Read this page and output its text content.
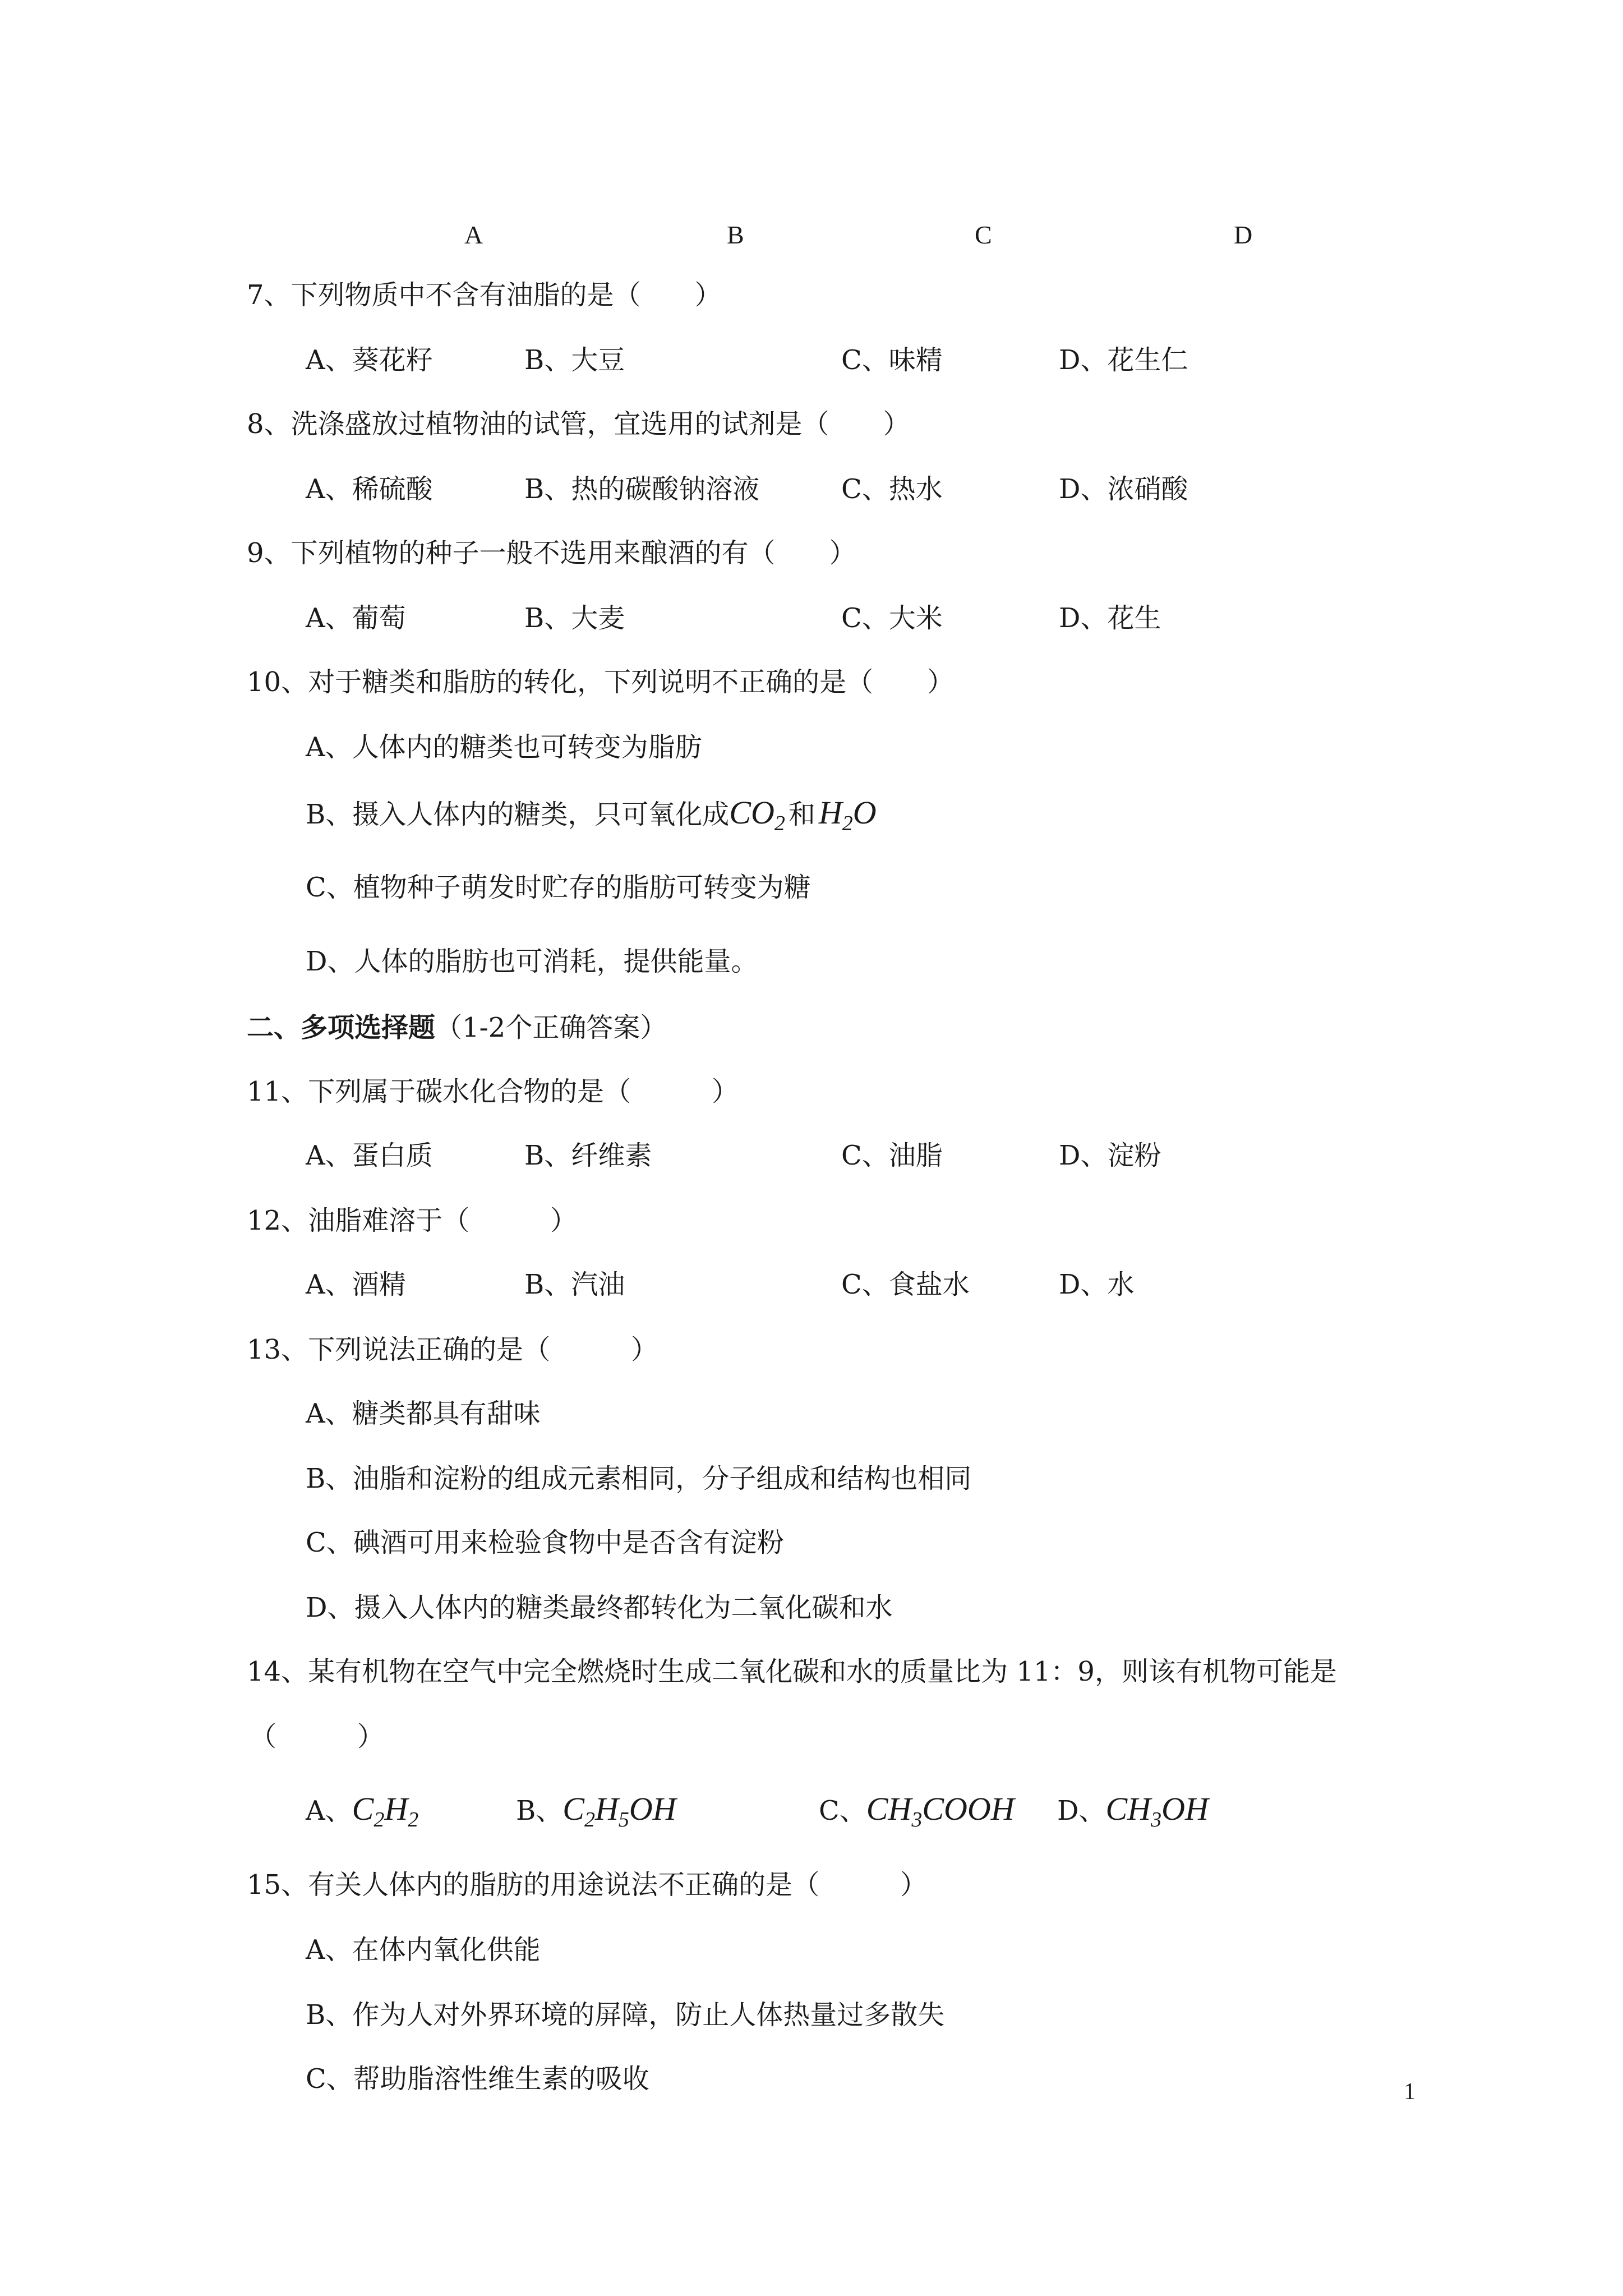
A	B	C	D
7、下列物质中不含有油脂的是（　　）
A、葵花籽	B、大豆	C、味精	D、花生仁
8、洗涤盛放过植物油的试管，宜选用的试剂是（　　）
A、稀硫酸	B、热的碳酸钠溶液	C、热水	D、浓硝酸
9、下列植物的种子一般不选用来酿酒的有（　　）
A、葡萄	B、大麦	C、大米	D、花生
10、对于糖类和脂肪的转化，下列说明不正确的是（　　）
A、人体内的糖类也可转变为脂肪
B、摄入人体内的糖类，只可氧化成$CO_2$ 和 $H_2O$
C、植物种子萌发时贮存的脂肪可转变为糖
D、人体的脂肪也可消耗，提供能量。
二、多项选择题（1-2个正确答案）
11、下列属于碳水化合物的是（　　　）
A、蛋白质	B、纤维素	C、油脂	D、淀粉
12、油脂难溶于（　　　）
A、酒精	B、汽油	C、食盐水	D、水
13、下列说法正确的是（　　　）
A、糖类都具有甜味
B、油脂和淀粉的组成元素相同，分子组成和结构也相同
C、碘酒可用来检验食物中是否含有淀粉
D、摄入人体内的糖类最终都转化为二氧化碳和水
14、某有机物在空气中完全燃烧时生成二氧化碳和水的质量比为 11：9，则该有机物可能是
（　　　）
A、$C_2H_2$	B、$C_2H_5OH$	C、$CH_3COOH$ D、$CH_3OH$
15、有关人体内的脂肪的用途说法不正确的是（　　　）
A、在体内氧化供能
B、作为人对外界环境的屏障，防止人体热量过多散失
C、帮助脂溶性维生素的吸收	1
